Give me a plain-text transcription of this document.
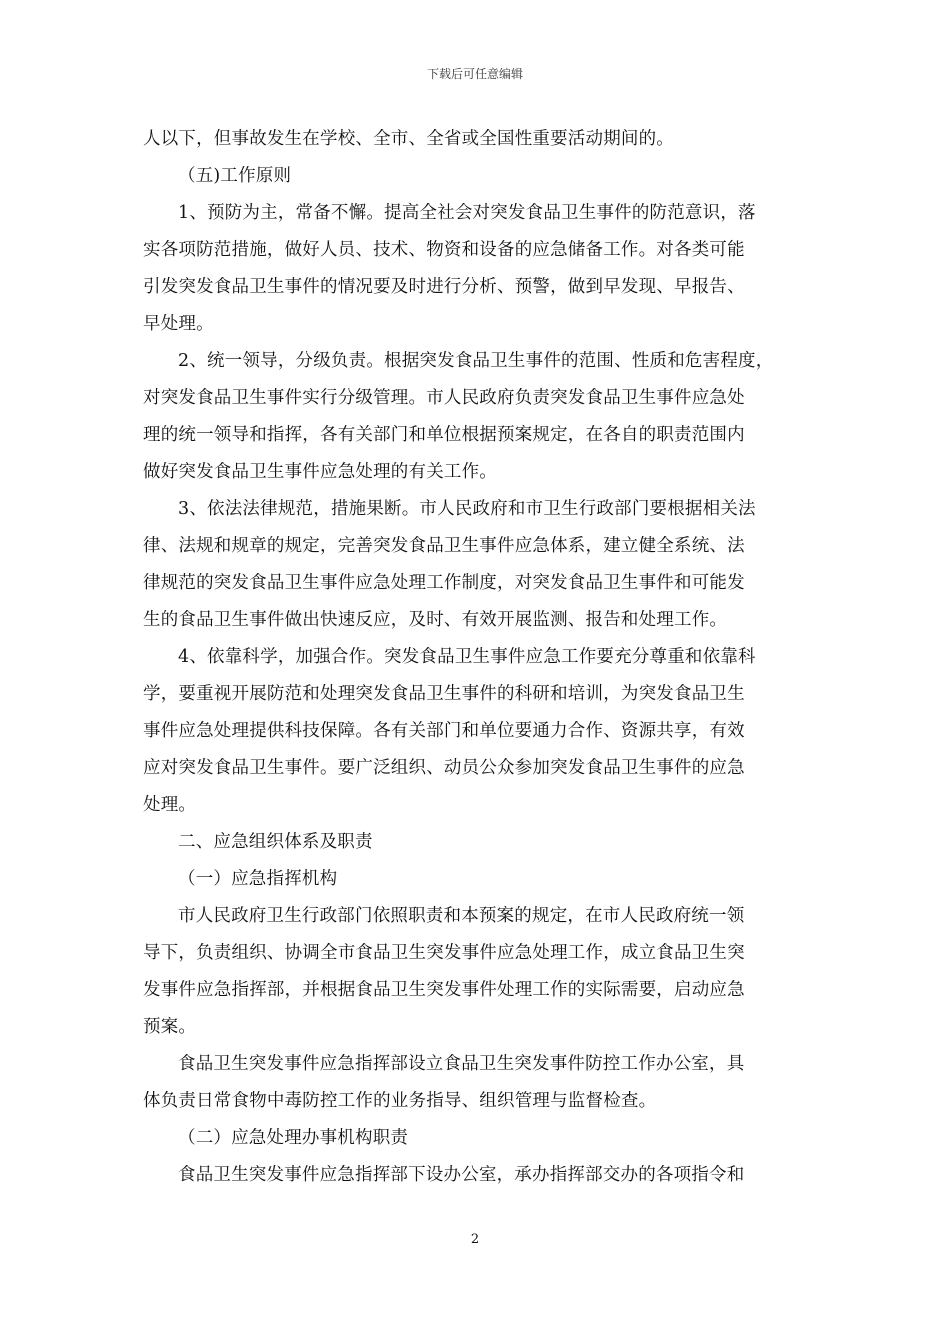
下载后可任意编辑
人以下，但事故发生在学校、全市、全省或全国性重要活动期间的。
（五)工作原则
1、预防为主，常备不懈。提高全社会对突发食品卫生事件的防范意识，落
实各项防范措施，做好人员、技术、物资和设备的应急储备工作。对各类可能
引发突发食品卫生事件的情况要及时进行分析、预警，做到早发现、早报告、
早处理。
2、统一领导，分级负责。根据突发食品卫生事件的范围、性质和危害程度，
对突发食品卫生事件实行分级管理。市人民政府负责突发食品卫生事件应急处
理的统一领导和指挥，各有关部门和单位根据预案规定，在各自的职责范围内
做好突发食品卫生事件应急处理的有关工作。
3、依法法律规范，措施果断。市人民政府和市卫生行政部门要根据相关法
律、法规和规章的规定，完善突发食品卫生事件应急体系，建立健全系统、法
律规范的突发食品卫生事件应急处理工作制度，对突发食品卫生事件和可能发
生的食品卫生事件做出快速反应，及时、有效开展监测、报告和处理工作。
4、依靠科学，加强合作。突发食品卫生事件应急工作要充分尊重和依靠科
学，要重视开展防范和处理突发食品卫生事件的科研和培训，为突发食品卫生
事件应急处理提供科技保障。各有关部门和单位要通力合作、资源共享，有效
应对突发食品卫生事件。要广泛组织、动员公众参加突发食品卫生事件的应急
处理。
二、应急组织体系及职责
（一）应急指挥机构
市人民政府卫生行政部门依照职责和本预案的规定，在市人民政府统一领
导下，负责组织、协调全市食品卫生突发事件应急处理工作，成立食品卫生突
发事件应急指挥部，并根据食品卫生突发事件处理工作的实际需要，启动应急
预案。
食品卫生突发事件应急指挥部设立食品卫生突发事件防控工作办公室，具
体负责日常食物中毒防控工作的业务指导、组织管理与监督检查。
（二）应急处理办事机构职责
食品卫生突发事件应急指挥部下设办公室，承办指挥部交办的各项指令和
2
